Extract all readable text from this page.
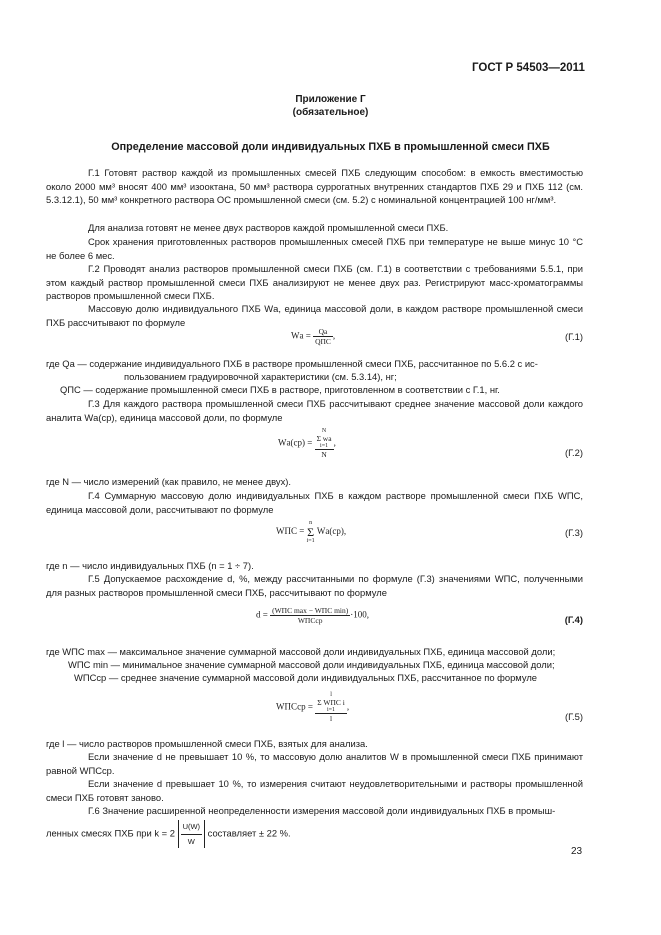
ГОСТ Р 54503—2011
Приложение Г
(обязательное)
Определение массовой доли индивидуальных ПХБ в промышленной смеси ПХБ
Г.1 Готовят раствор каждой из промышленных смесей ПХБ следующим способом: в емкость вместимостью около 2000 мм³ вносят 400 мм³ изооктана, 50 мм³ раствора суррогатных внутренних стандартов ПХБ 29 и ПХБ 112 (см. 5.3.12.1), 50 мм³ конкретного раствора ОС промышленной смеси (см. 5.2) с номинальной концентрацией 100 нг/мм³.
Для анализа готовят не менее двух растворов каждой промышленной смеси ПХБ.
Срок хранения приготовленных растворов промышленных смесей ПХБ при температуре не выше минус 10 °С не более 6 мес.
Г.2 Проводят анализ растворов промышленной смеси ПХБ (см. Г.1) в соответствии с требованиями 5.5.1, при этом каждый раствор промышленной смеси ПХБ анализируют не менее двух раз. Регистрируют масс-хроматограммы растворов промышленной смеси ПХБ.
Массовую долю индивидуального ПХБ Wа, единица массовой доли, в каждом растворе промышленной смеси ПХБ рассчитывают по формуле
Wа = $\frac{Qа}{\text{QПС}}$ ,	(Г.1)
где Qа — содержание индивидуального ПХБ в растворе промышленной смеси ПХБ, рассчитанное по 5.6.2 с ис-
пользованием градуировочной характеристики (см. 5.3.14), нг;
QПС — содержание промышленной смеси ПХБ в растворе, приготовленном в соответствии с Г.1, нг.
Г.3 Для каждого раствора промышленной смеси ПХБ рассчитывают среднее значение массовой доли каждого аналита Wа(ср), единица массовой доли, по формуле
Wа(ср) = N
Σ wа
i=1
N ,
(Г.2)
где N — число измерений (как правило, не менее двух).
Г.4 Суммарную массовую долю индивидуальных ПХБ в каждом растворе промышленной смеси ПХБ WПС, единица массовой доли, рассчитывают по формуле
WПС =
n
Σ
i=1
Wа(ср),	(Г.3)
где n — число индивидуальных ПХБ (n = 1 ÷ 7).
Г.5 Допускаемое расхождение d, %, между рассчитанными по формуле (Г.3) значениями WПС, полученными для разных растворов промышленной смеси ПХБ, рассчитывают по формуле
$d = \frac{\text{(WПС max − WПС min)}}{\text{WПСср}} \cdot 100$,	(Г.4)
где WПС max — максимальное значение суммарной массовой доли индивидуальных ПХБ, единица массовой доли;
WПС min — минимальное значение суммарной массовой доли индивидуальных ПХБ, единица массовой доли;
WПСср — среднее значение суммарной массовой доли индивидуальных ПХБ, рассчитанное по формуле
WПСср = l
Σ WПС i
i=1
l ,
(Г.5)
где l — число растворов промышленной смеси ПХБ, взятых для анализа.
Если значение d не превышает 10 %, то массовую долю аналитов W в промышленной смеси ПХБ принимают равной WПСср.
Если значение d превышает 10 %, то измерения считают неудовлетворительными и растворы промышленной смеси ПХБ готовят заново.
Г.6 Значение расширенной неопределенности измерения массовой доли индивидуальных ПХБ в промыш-
ленных смесях ПХБ при $k = 2 \frac{U(W)}{W}$ составляет ± 22 %.
23
